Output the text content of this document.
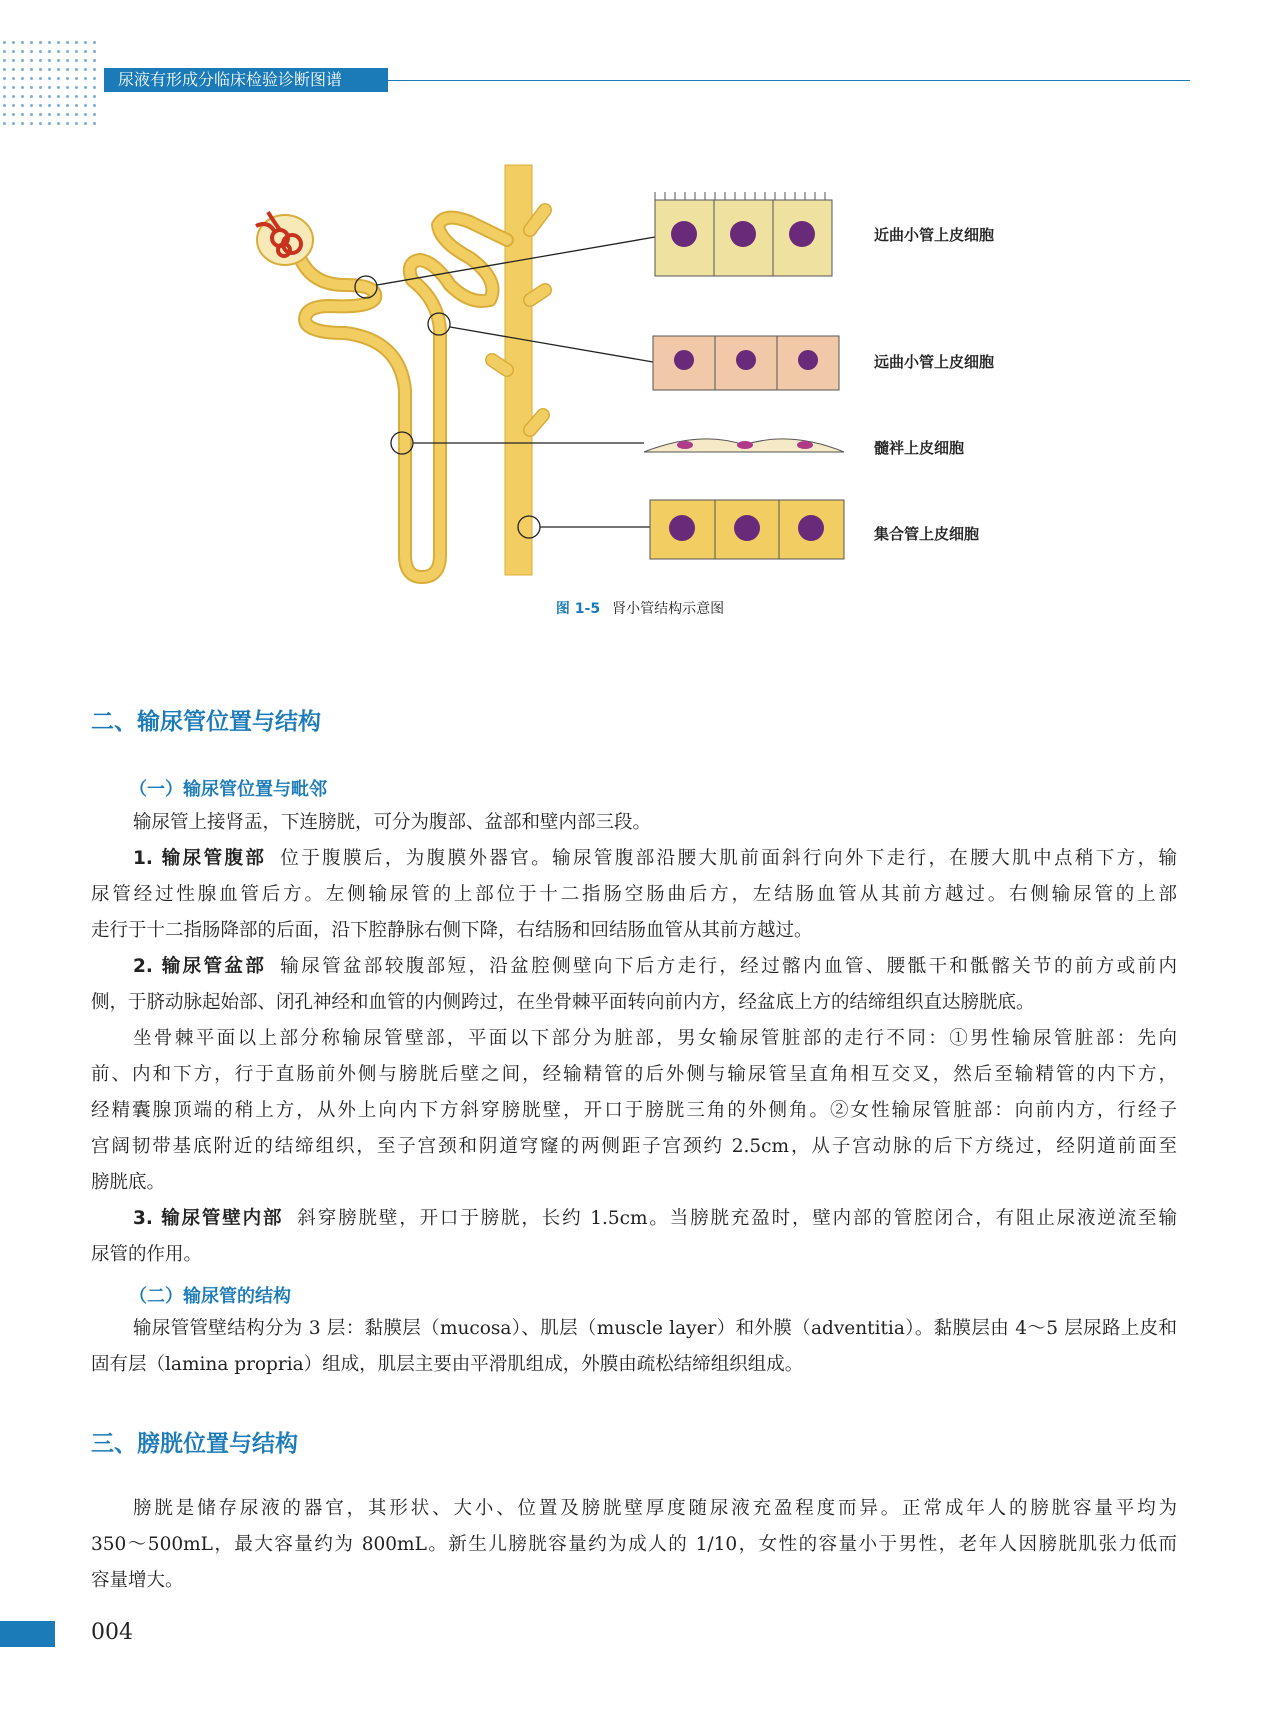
尿液有形成分临床检验诊断图谱
近曲小管上皮细胞
远曲小管上皮细胞
髓袢上皮细胞
集合管上皮细胞
图 1-5 肾小管结构示意图
二、输尿管位置与结构
（一）输尿管位置与毗邻
输尿管上接肾盂，下连膀胱，可分为腹部、盆部和壁内部三段。
1. 输尿管腹部 位于腹膜后，为腹膜外器官。输尿管腹部沿腰大肌前面斜行向外下走行，在腰大肌中点稍下方，输
尿管经过性腺血管后方。左侧输尿管的上部位于十二指肠空肠曲后方，左结肠血管从其前方越过。右侧输尿管的上部
走行于十二指肠降部的后面，沿下腔静脉右侧下降，右结肠和回结肠血管从其前方越过。
2. 输尿管盆部 输尿管盆部较腹部短，沿盆腔侧壁向下后方走行，经过髂内血管、腰骶干和骶髂关节的前方或前内
侧，于脐动脉起始部、闭孔神经和血管的内侧跨过，在坐骨棘平面转向前内方，经盆底上方的结缔组织直达膀胱底。
坐骨棘平面以上部分称输尿管壁部，平面以下部分为脏部，男女输尿管脏部的走行不同：①男性输尿管脏部：先向
前、内和下方，行于直肠前外侧与膀胱后壁之间，经输精管的后外侧与输尿管呈直角相互交叉，然后至输精管的内下方，
经精囊腺顶端的稍上方，从外上向内下方斜穿膀胱壁，开口于膀胱三角的外侧角。②女性输尿管脏部：向前内方，行经子
宫阔韧带基底附近的结缔组织，至子宫颈和阴道穹窿的两侧距子宫颈约 2.5cm，从子宫动脉的后下方绕过，经阴道前面至
膀胱底。
3. 输尿管壁内部 斜穿膀胱壁，开口于膀胱，长约 1.5cm。当膀胱充盈时，壁内部的管腔闭合，有阻止尿液逆流至输
尿管的作用。
（二）输尿管的结构
输尿管管壁结构分为 3 层：黏膜层（mucosa）、肌层（muscle layer）和外膜（adventitia）。黏膜层由 4～5 层尿路上皮和
固有层（lamina propria）组成，肌层主要由平滑肌组成，外膜由疏松结缔组织组成。
三、膀胱位置与结构
膀胱是储存尿液的器官，其形状、大小、位置及膀胱壁厚度随尿液充盈程度而异。正常成年人的膀胱容量平均为
350～500mL，最大容量约为 800mL。新生儿膀胱容量约为成人的 1/10，女性的容量小于男性，老年人因膀胱肌张力低而
容量增大。
004
